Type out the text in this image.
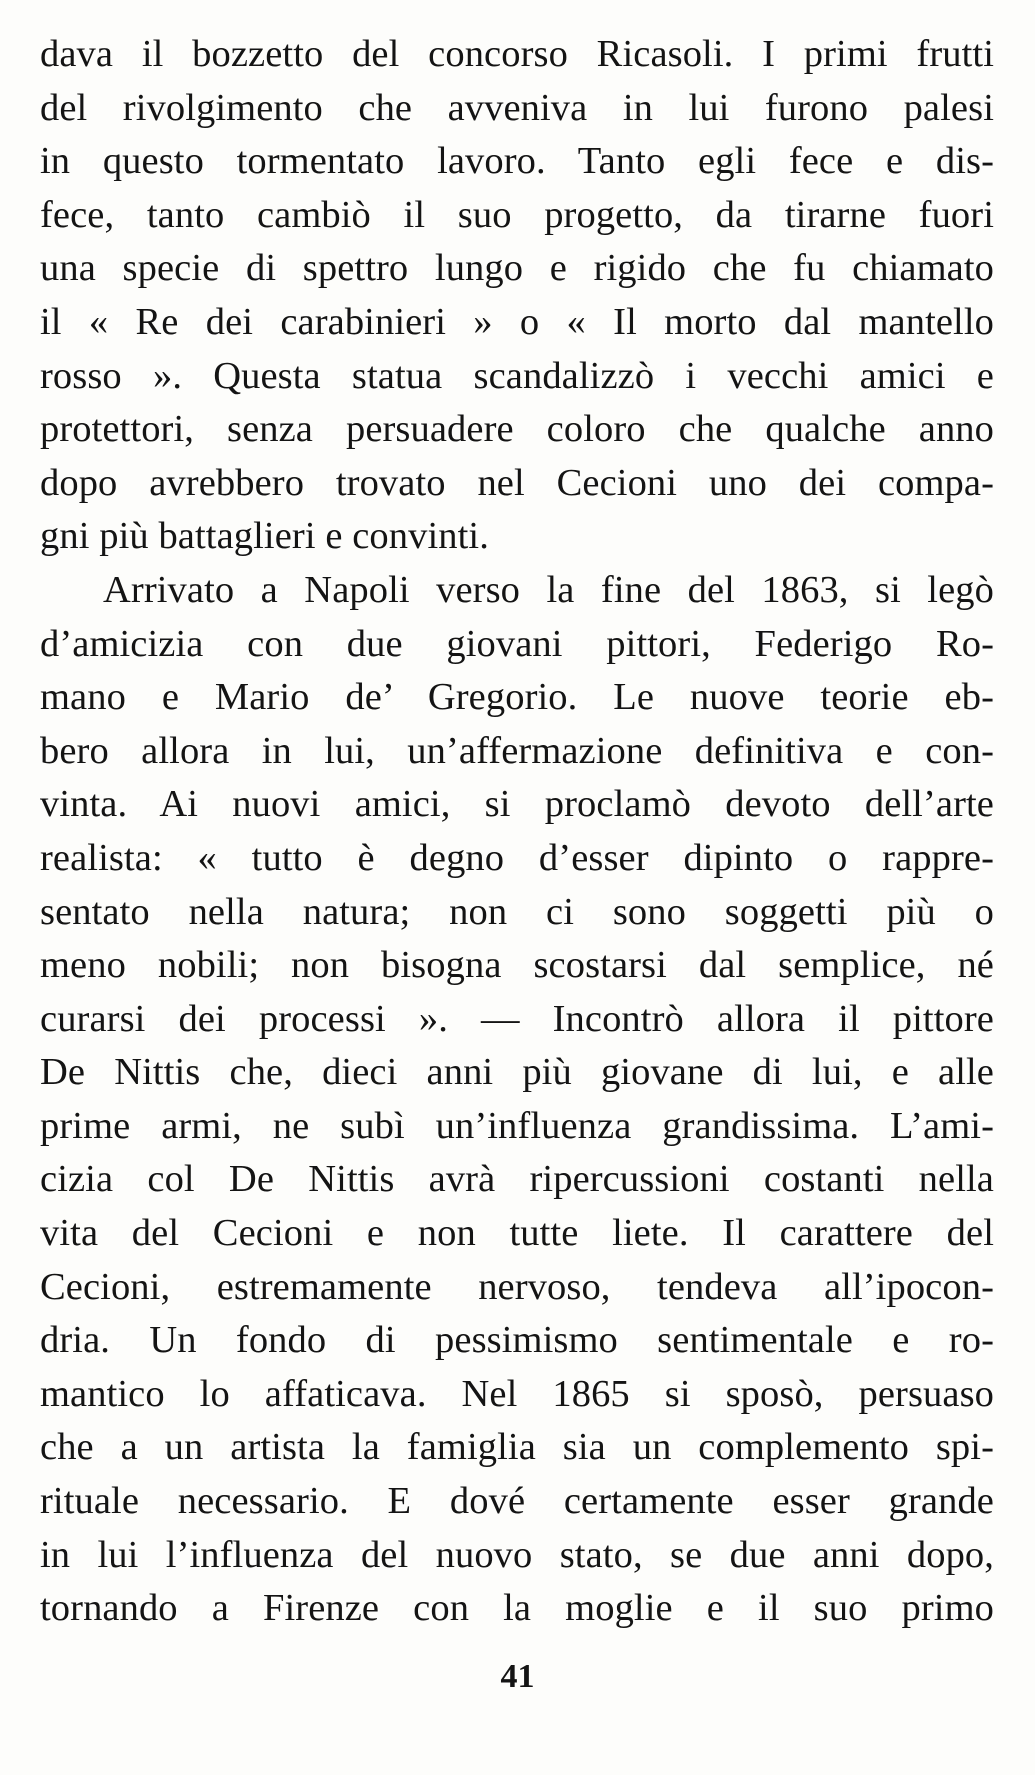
dava il bozzetto del concorso Ricasoli. I primi frutti
del rivolgimento che avveniva in lui furono palesi
in questo tormentato lavoro. Tanto egli fece e dis-
fece, tanto cambiò il suo progetto, da tirarne fuori
una specie di spettro lungo e rigido che fu chiamato
il « Re dei carabinieri » o « Il morto dal mantello
rosso ». Questa statua scandalizzò i vecchi amici e
protettori, senza persuadere coloro che qualche anno
dopo avrebbero trovato nel Cecioni uno dei compa-
gni più battaglieri e convinti.
Arrivato a Napoli verso la fine del 1863, si legò
d’amicizia con due giovani pittori, Federigo Ro-
mano e Mario de’ Gregorio. Le nuove teorie eb-
bero allora in lui, un’affermazione definitiva e con-
vinta. Ai nuovi amici, si proclamò devoto dell’arte
realista: « tutto è degno d’esser dipinto o rappre-
sentato nella natura; non ci sono soggetti più o
meno nobili; non bisogna scostarsi dal semplice, né
curarsi dei processi ». — Incontrò allora il pittore
De Nittis che, dieci anni più giovane di lui, e alle
prime armi, ne subì un’influenza grandissima. L’ami-
cizia col De Nittis avrà ripercussioni costanti nella
vita del Cecioni e non tutte liete. Il carattere del
Cecioni, estremamente nervoso, tendeva all’ipocon-
dria. Un fondo di pessimismo sentimentale e ro-
mantico lo affaticava. Nel 1865 si sposò, persuaso
che a un artista la famiglia sia un complemento spi-
rituale necessario. E dové certamente esser grande
in lui l’influenza del nuovo stato, se due anni dopo,
tornando a Firenze con la moglie e il suo primo
41
